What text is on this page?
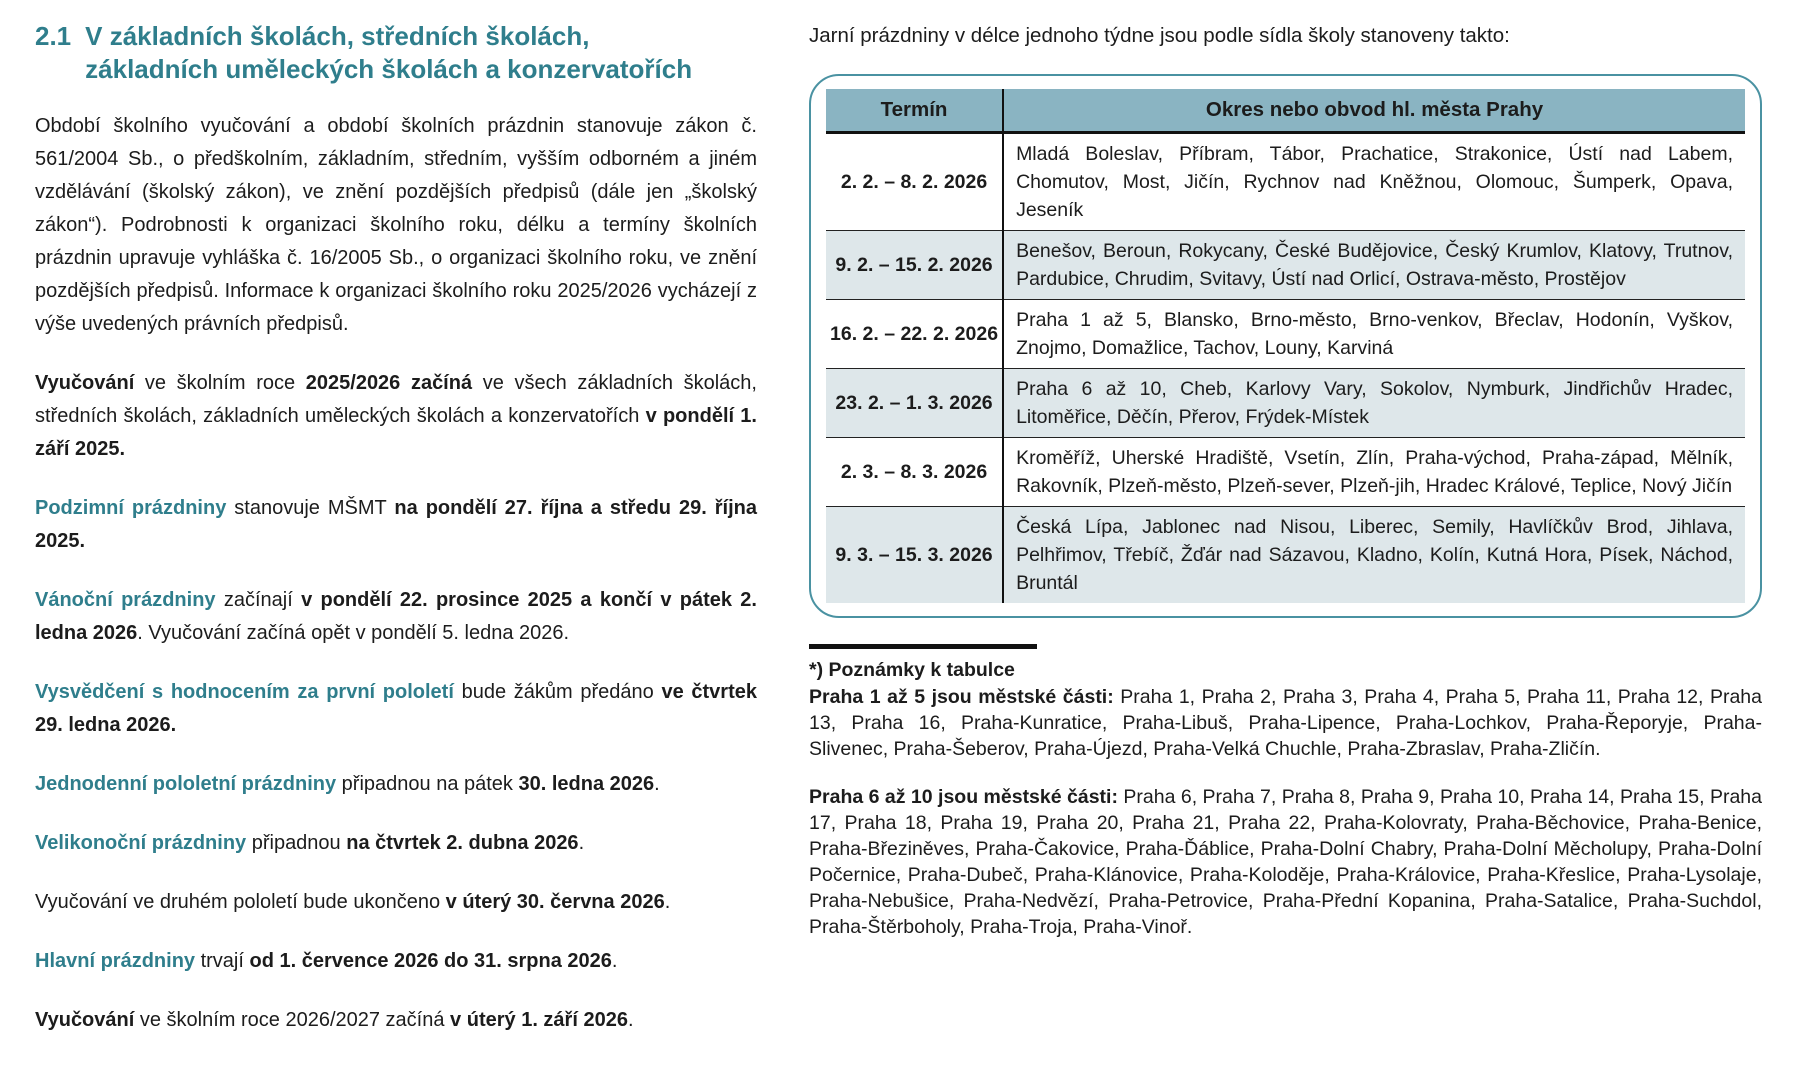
2.1 V základních školách, středních školách,
základních uměleckých školách a konzervatořích

Období školního vyučování a období školních prázdnin stanovuje zákon č. 561/2004 Sb., o předškolním, základním, středním, vyšším odborném a jiném vzdělávání (školský zákon), ve znění pozdějších předpisů (dále jen „školský zákon“). Podrobnosti k organizaci školního roku, délku a termíny školních prázdnin upravuje vyhláška č. 16/2005 Sb., o organizaci školního roku, ve znění pozdějších předpisů. Informace k organizaci školního roku 2025/2026 vycházejí z výše uvedených právních předpisů.

Vyučování ve školním roce 2025/2026 začíná ve všech základních školách, středních školách, základních uměleckých školách a konzervatořích v pondělí 1. září 2025.

Podzimní prázdniny stanovuje MŠMT na pondělí 27. října a středu 29. října 2025.

Vánoční prázdniny začínají v pondělí 22. prosince 2025 a končí v pátek 2. ledna 2026. Vyučování začíná opět v pondělí 5. ledna 2026.

Vysvědčení s hodnocením za první pololetí bude žákům předáno ve čtvrtek 29. ledna 2026.

Jednodenní pololetní prázdniny připadnou na pátek 30. ledna 2026.

Velikonoční prázdniny připadnou na čtvrtek 2. dubna 2026.

Vyučování ve druhém pololetí bude ukončeno v úterý 30. června 2026.

Hlavní prázdniny trvají od 1. července 2026 do 31. srpna 2026.

Vyučování ve školním roce 2026/2027 začíná v úterý 1. září 2026.

Jarní prázdniny v délce jednoho týdne jsou podle sídla školy stanoveny takto:

Termín	Okres nebo obvod hl. města Prahy
2. 2. – 8. 2. 2026	Mladá Boleslav, Příbram, Tábor, Prachatice, Strakonice, Ústí nad Labem, Chomutov, Most, Jičín, Rychnov nad Kněžnou, Olomouc, Šumperk, Opava, Jeseník
9. 2. – 15. 2. 2026	Benešov, Beroun, Rokycany, České Budějovice, Český Krumlov, Klatovy, Trutnov, Pardubice, Chrudim, Svitavy, Ústí nad Orlicí, Ostrava-město, Prostějov
16. 2. – 22. 2. 2026	Praha 1 až 5, Blansko, Brno-město, Brno-venkov, Břeclav, Hodonín, Vyškov, Znojmo, Domažlice, Tachov, Louny, Karviná
23. 2. – 1. 3. 2026	Praha 6 až 10, Cheb, Karlovy Vary, Sokolov, Nymburk, Jindřichův Hradec, Litoměřice, Děčín, Přerov, Frýdek-Místek
2. 3. – 8. 3. 2026	Kroměříž, Uherské Hradiště, Vsetín, Zlín, Praha-východ, Praha-západ, Mělník, Rakovník, Plzeň-město, Plzeň-sever, Plzeň-jih, Hradec Králové, Teplice, Nový Jičín
9. 3. – 15. 3. 2026	Česká Lípa, Jablonec nad Nisou, Liberec, Semily, Havlíčkův Brod, Jihlava, Pelhřimov, Třebíč, Žďár nad Sázavou, Kladno, Kolín, Kutná Hora, Písek, Náchod, Bruntál
*) Poznámky k tabulce

Praha 1 až 5 jsou městské části: Praha 1, Praha 2, Praha 3, Praha 4, Praha 5, Praha 11, Praha 12, Praha 13, Praha 16, Praha-Kunratice, Praha-Libuš, Praha-Lipence, Praha-Lochkov, Praha-Řeporyje, Praha-Slivenec, Praha-Šeberov, Praha-Újezd, Praha-Velká Chuchle, Praha-Zbraslav, Praha-Zličín.

Praha 6 až 10 jsou městské části: Praha 6, Praha 7, Praha 8, Praha 9, Praha 10, Praha 14, Praha 15, Praha 17, Praha 18, Praha 19, Praha 20, Praha 21, Praha 22, Praha-Kolovraty, Praha-Běchovice, Praha-Benice, Praha-Březiněves, Praha-Čakovice, Praha-Ďáblice, Praha-Dolní Chabry, Praha-Dolní Měcholupy, Praha-Dolní Počernice, Praha-Dubeč, Praha-Klánovice, Praha-Koloděje, Praha-Královice, Praha-Křeslice, Praha-Lysolaje, Praha-Nebušice, Praha-Nedvězí, Praha-Petrovice, Praha-Přední Kopanina, Praha-Satalice, Praha-Suchdol, Praha-Štěrboholy, Praha-Troja, Praha-Vinoř.
